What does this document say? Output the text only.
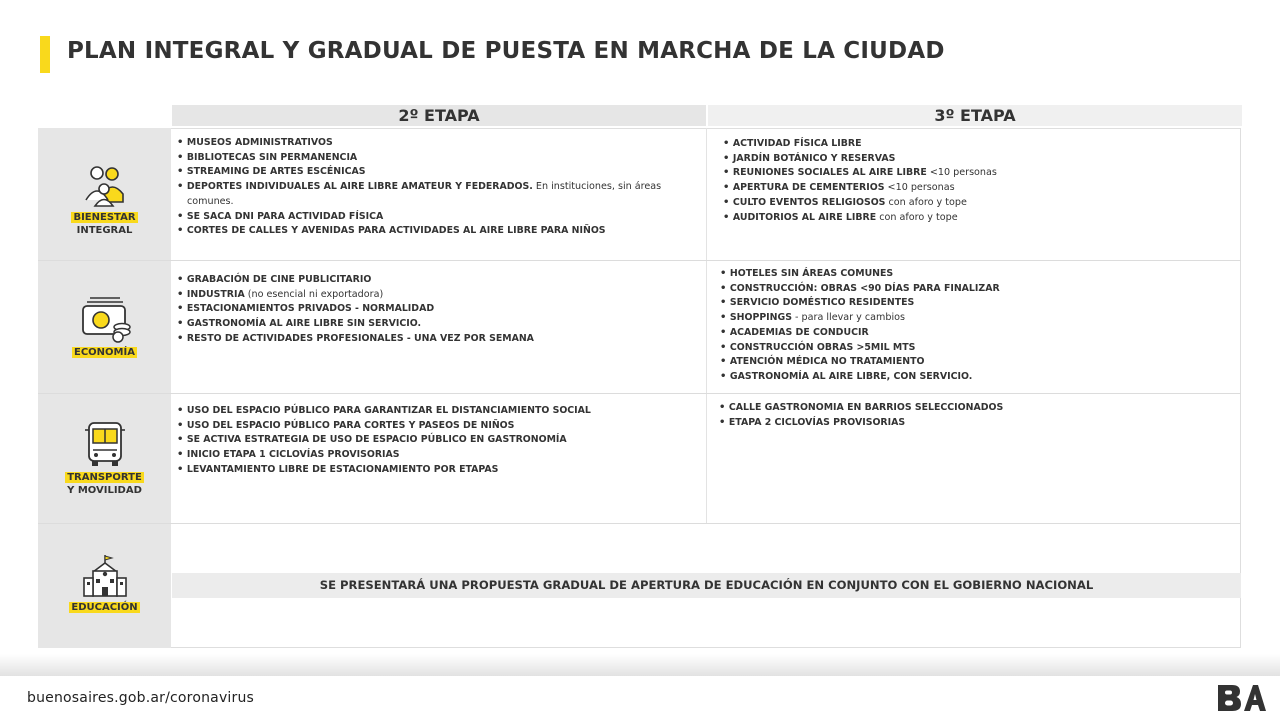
PLAN INTEGRAL Y GRADUAL DE PUESTA EN MARCHA DE LA CIUDAD
2º ETAPA	3º ETAPA
BIENESTAR
INTEGRAL
ECONOMÍA
TRANSPORTE
Y MOVILIDAD
EDUCACIÓN
• MUSEOS ADMINISTRATIVOS
• BIBLIOTECAS SIN PERMANENCIA
• STREAMING DE ARTES ESCÉNICAS
• DEPORTES INDIVIDUALES AL AIRE LIBRE AMATEUR Y FEDERADOS. En instituciones, sin áreas comunes.
• SE SACA DNI PARA ACTIVIDAD FÍSICA
• CORTES DE CALLES Y AVENIDAS PARA ACTIVIDADES AL AIRE LIBRE PARA NIÑOS
• ACTIVIDAD FÍSICA LIBRE
• JARDÍN BOTÁNICO Y RESERVAS
• REUNIONES SOCIALES AL AIRE LIBRE <10 personas
• APERTURA DE CEMENTERIOS <10 personas
• CULTO EVENTOS RELIGIOSOS con aforo y tope
• AUDITORIOS AL AIRE LIBRE con aforo y tope
• GRABACIÓN DE CINE PUBLICITARIO
• INDUSTRIA (no esencial ni exportadora)
• ESTACIONAMIENTOS PRIVADOS - NORMALIDAD
• GASTRONOMÍA AL AIRE LIBRE SIN SERVICIO.
• RESTO DE ACTIVIDADES PROFESIONALES - UNA VEZ POR SEMANA
• HOTELES SIN ÁREAS COMUNES
• CONSTRUCCIÓN: OBRAS <90 DÍAS PARA FINALIZAR
• SERVICIO DOMÉSTICO RESIDENTES
• SHOPPINGS - para llevar y cambios
• ACADEMIAS DE CONDUCIR
• CONSTRUCCIÓN OBRAS >5MIL MTS
• ATENCIÓN MÉDICA NO TRATAMIENTO
• GASTRONOMÍA AL AIRE LIBRE, CON SERVICIO.
• USO DEL ESPACIO PÚBLICO PARA GARANTIZAR EL DISTANCIAMIENTO SOCIAL
• USO DEL ESPACIO PÚBLICO PARA CORTES Y PASEOS DE NIÑOS
• SE ACTIVA ESTRATEGIA DE USO DE ESPACIO PÚBLICO EN GASTRONOMÍA
• INICIO ETAPA 1 CICLOVÍAS PROVISORIAS
• LEVANTAMIENTO LIBRE DE ESTACIONAMIENTO POR ETAPAS
• CALLE GASTRONOMIA EN BARRIOS SELECCIONADOS
• ETAPA 2 CICLOVÍAS PROVISORIAS
SE PRESENTARÁ UNA PROPUESTA GRADUAL DE APERTURA DE EDUCACIÓN EN CONJUNTO CON EL GOBIERNO NACIONAL
buenosaires.gob.ar/coronavirus
